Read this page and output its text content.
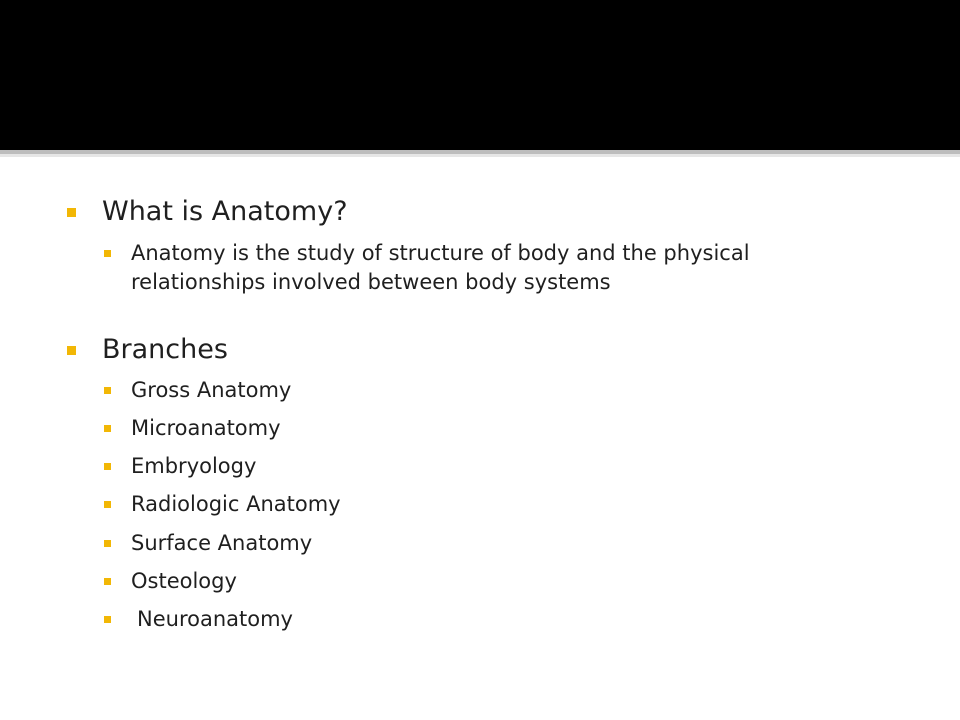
What is Anatomy?
Anatomy is the study of structure of body and the physical
relationships involved between body systems
Branches
Gross Anatomy
Microanatomy
Embryology
Radiologic Anatomy
Surface Anatomy
Osteology
Neuroanatomy
